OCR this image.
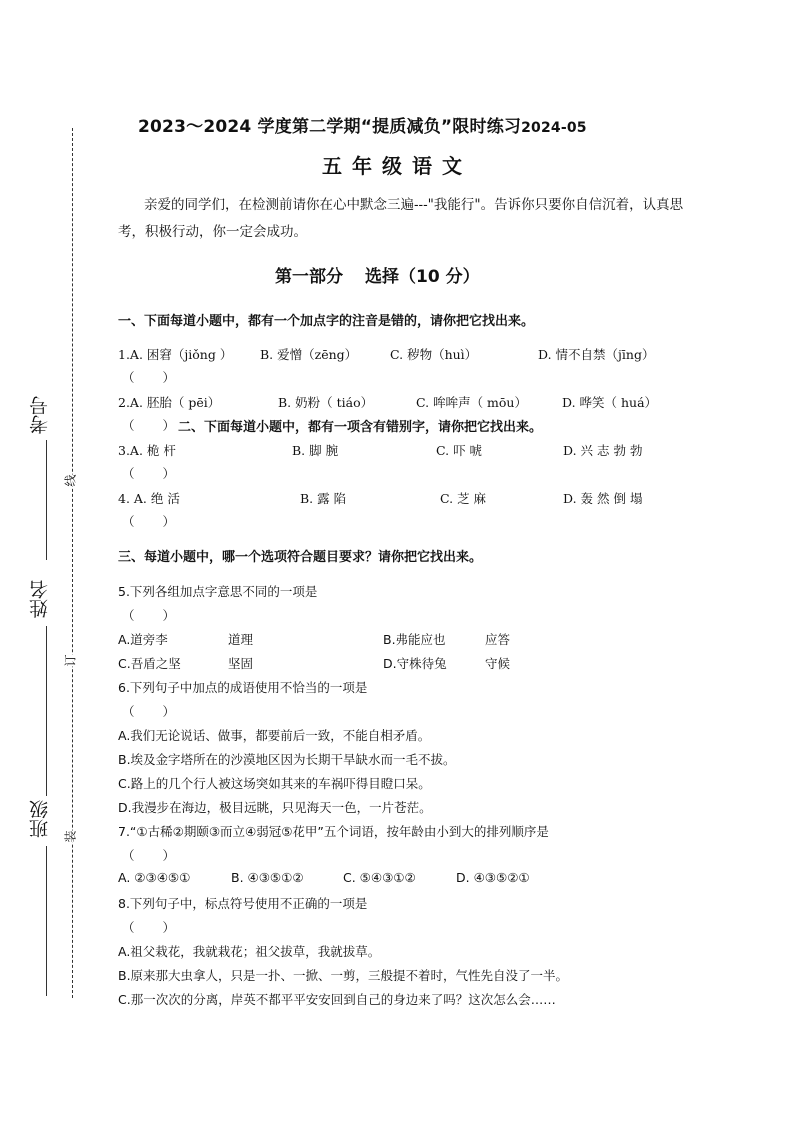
考号
姓名
班级
线
订
装
2023～2024 学度第二学期“提质减负”限时练习2024-05
五年级语文
亲爱的同学们，在检测前请你在心中默念三遍---"我能行"。告诉你只要你自信沉着，认真思考，积极行动，你一定会成功。
第一部分 选择（10 分）
一、下面每道小题中，都有一个加点字的注音是错的，请你把它找出来。
1.A. 困窘（jiǒng ） B. 爱憎（zēng）	C. 秽物（huì）	D. 情不自禁（jīng）
（　　）
2.A. 胚胎（ pēi）	B. 奶粉（ tiáo）	C. 哞哞声（ mōu）	D. 哗笑（ huá）
（　　） 二、下面每道小题中，都有一项含有错别字，请你把它找出来。
3.A. 桅 杆	B. 脚 腕	C. 吓 唬	D. 兴 志 勃 勃
（　　）
4. A. 绝 活	B. 露 陷	C. 芝 麻	D. 轰 然 倒 塌
（　　）
三、每道小题中，哪一个选项符合题目要求？请你把它找出来。
5.下列各组加点字意思不同的一项是
（　　）
A.道旁李	道理	B.弗能应也	应答
C.吾盾之坚	坚固	D.守株待兔	守候
6.下列句子中加点的成语使用不恰当的一项是
（　　）
A.我们无论说话、做事，都要前后一致，不能自相矛盾。
B.埃及金字塔所在的沙漠地区因为长期干旱缺水而一毛不拔。
C.路上的几个行人被这场突如其来的车祸吓得目瞪口呆。
D.我漫步在海边，极目远眺，只见海天一色，一片苍茫。
7.“①古稀②期颐③而立④弱冠⑤花甲”五个词语，按年龄由小到大的排列顺序是
（　　）
A. ②③④⑤①	B. ④③⑤①②	C. ⑤④③①②	D. ④③⑤②①
8.下列句子中，标点符号使用不正确的一项是
（　　）
A.祖父栽花，我就栽花；祖父拔草，我就拔草。
B.原来那大虫拿人，只是一扑、一掀、一剪，三般提不着时，气性先自没了一半。
C.那一次次的分离，岸英不都平平安安回到自己的身边来了吗？这次怎么会……
